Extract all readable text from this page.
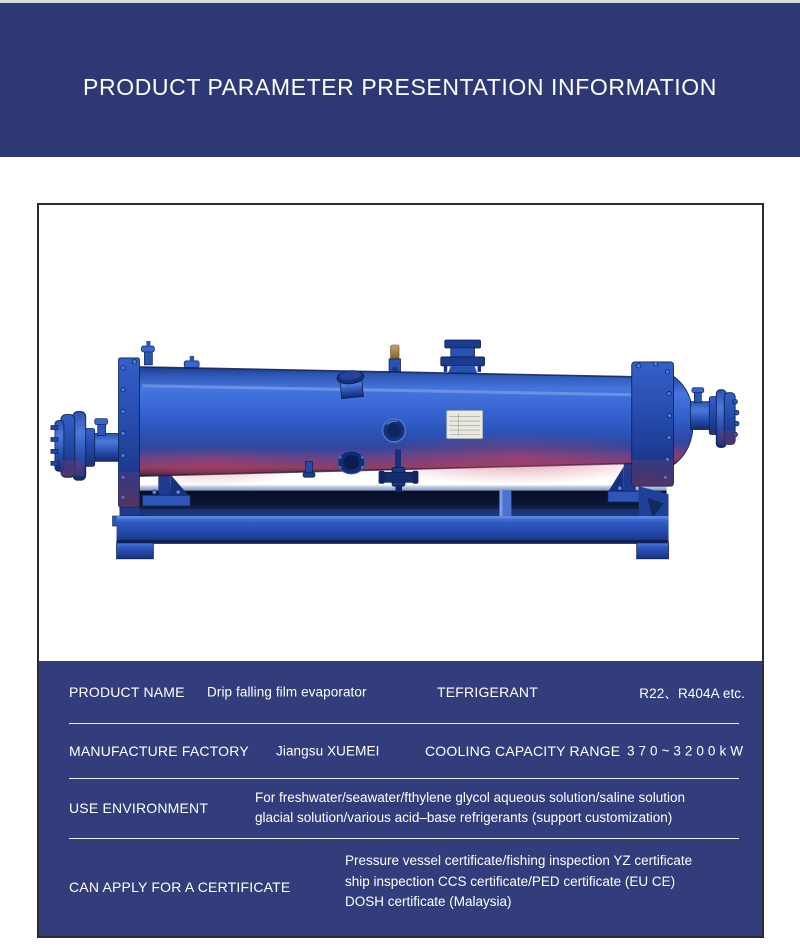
PRODUCT PARAMETER PRESENTATION INFORMATION
PRODUCT NAME Drip falling film evaporator	TEFRIGERANT	R22、R404A etc.
MANUFACTURE FACTORY Jiangsu XUEMEI	COOLING CAPACITY RANGE 370~3200kW
USE ENVIRONMENT
For freshwater/seawater/fthylene glycol aqueous solution/saline solution
glacial solution/various acid–base refrigerants (support customization)
CAN APPLY FOR A CERTIFICATE
Pressure vessel certificate/fishing inspection YZ certificate
ship inspection CCS certificate/PED certificate (EU CE)
DOSH certificate (Malaysia)
